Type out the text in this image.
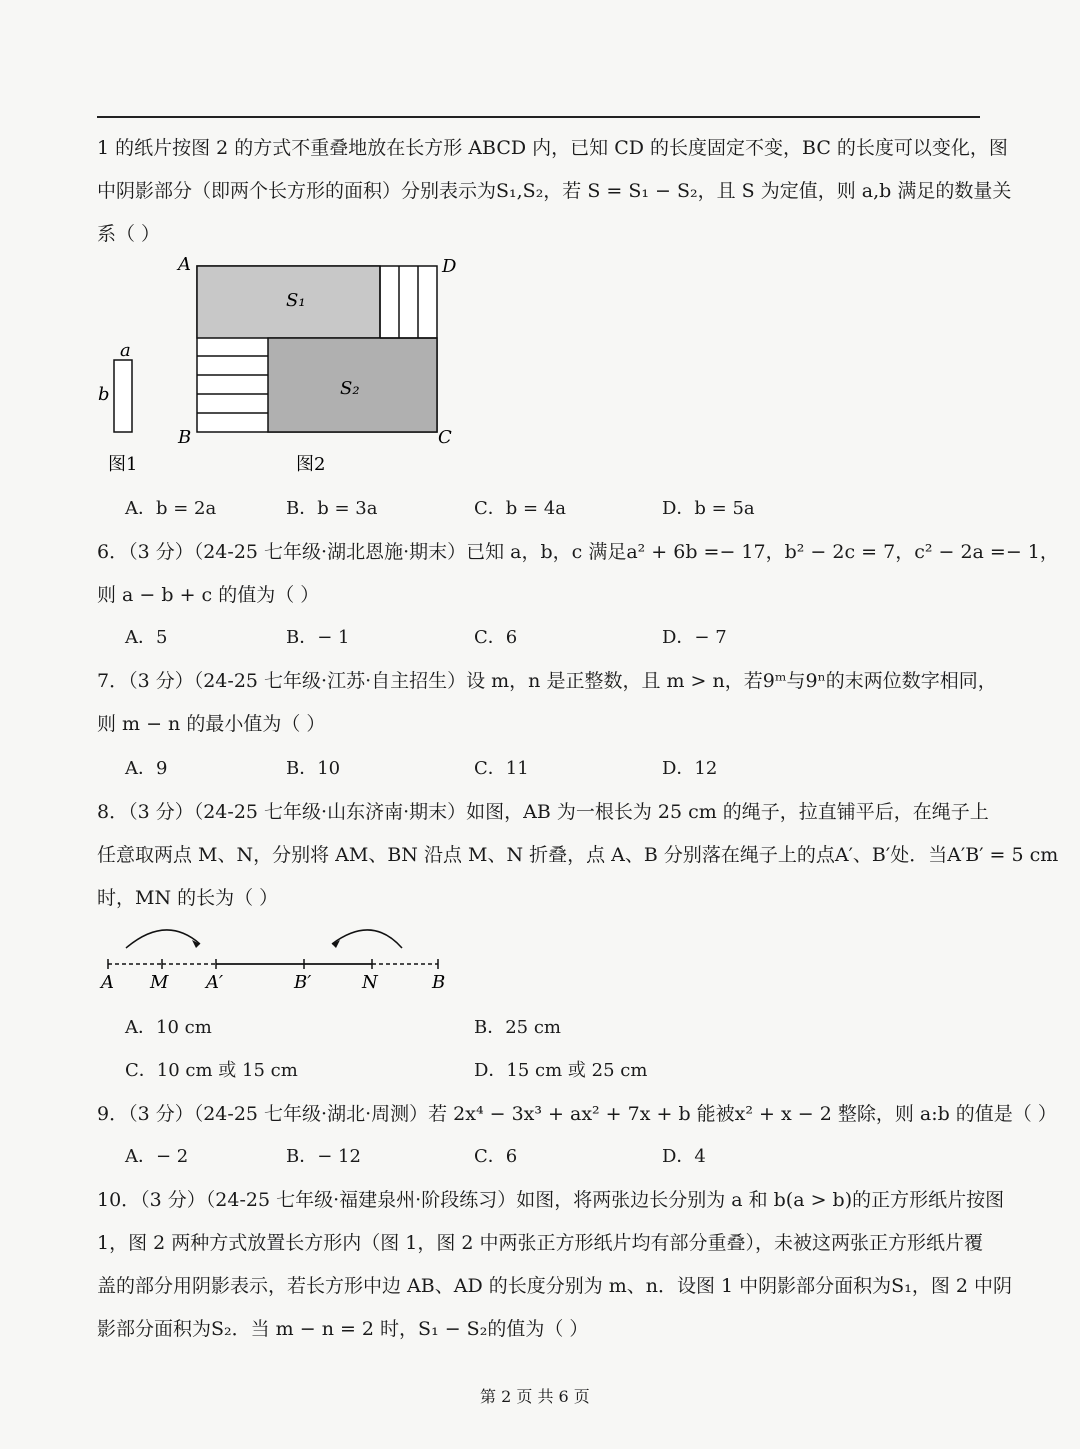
1 的纸片按图 2 的方式不重叠地放在长方形 ABCD 内，已知 CD 的长度固定不变，BC 的长度可以变化，图
中阴影部分（即两个长方形的面积）分别表示为S₁,S₂，若 S = S₁ − S₂，且 S 为定值，则 a,b 满足的数量关
系（ ）
a
b
图1
A	D
B	C
S₁
S₂
图2
A．b = 2a	B．b = 3a	C．b = 4a	D．b = 5a
6．（3 分）（24-25 七年级·湖北恩施·期末）已知 a，b，c 满足a² + 6b =− 17，b² − 2c = 7，c² − 2a =− 1，
则 a − b + c 的值为（ ）
A．5	B．− 1	C．6	D．− 7
7．（3 分）（24-25 七年级·江苏·自主招生）设 m，n 是正整数，且 m > n，若9ᵐ与9ⁿ的末两位数字相同，
则 m − n 的最小值为（ ）
A．9	B．10	C．11	D．12
8．（3 分）（24-25 七年级·山东济南·期末）如图，AB 为一根长为 25 cm 的绳子，拉直铺平后，在绳子上
任意取两点 M、N，分别将 AM、BN 沿点 M、N 折叠，点 A、B 分别落在绳子上的点A′、B′处．当A′B′ = 5 cm
时，MN 的长为（ ）
A M A′	B′	N	B
A．10 cm	B．25 cm
C．10 cm 或 15 cm	D．15 cm 或 25 cm
9．（3 分）（24-25 七年级·湖北·周测）若 2x⁴ − 3x³ + ax² + 7x + b 能被x² + x − 2 整除，则 a:b 的值是（ ）
A．− 2	B．− 12	C．6	D．4
10．（3 分）（24-25 七年级·福建泉州·阶段练习）如图，将两张边长分别为 a 和 b(a > b)的正方形纸片按图
1，图 2 两种方式放置长方形内（图 1，图 2 中两张正方形纸片均有部分重叠），未被这两张正方形纸片覆
盖的部分用阴影表示，若长方形中边 AB、AD 的长度分别为 m、n．设图 1 中阴影部分面积为S₁，图 2 中阴
影部分面积为S₂．当 m − n = 2 时，S₁ − S₂的值为（ ）
第 2 页 共 6 页
